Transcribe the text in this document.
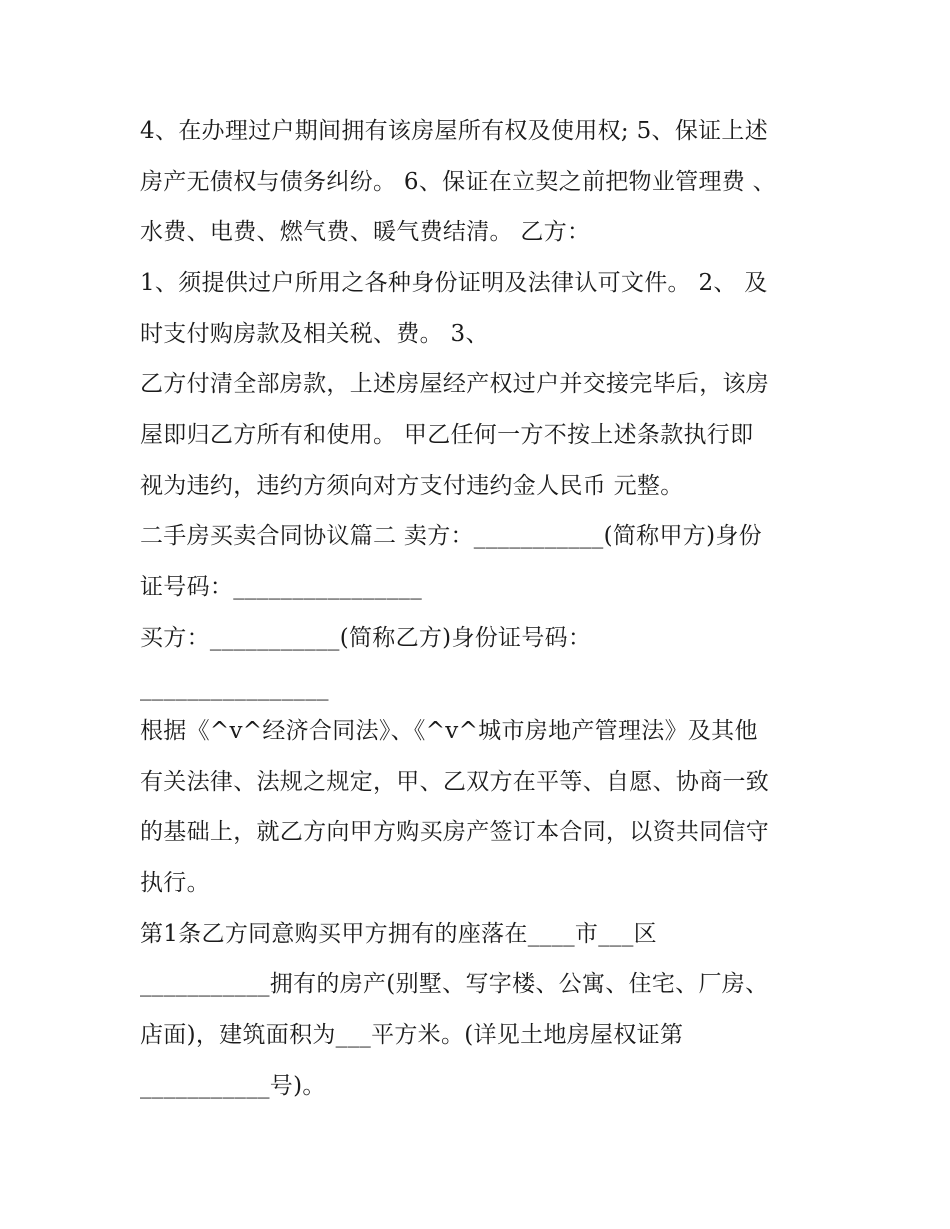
4、在办理过户期间拥有该房屋所有权及使用权; 5、保证上述
房产无债权与债务纠纷。 6、保证在立契之前把物业管理费 、
水费、电费、燃气费、暖气费结清。 乙方：
1、须提供过户所用之各种身份证明及法律认可文件。 2、 及
时支付购房款及相关税、费。 3、
乙方付清全部房款，上述房屋经产权过户并交接完毕后，该房
屋即归乙方所有和使用。 甲乙任何一方不按上述条款执行即
视为违约，违约方须向对方支付违约金人民币 元整。
二手房买卖合同协议篇二 卖方：___________(简称甲方)身份
证号码：________________
买方：___________(简称乙方)身份证号码：
________________
根据《^v^经济合同法》、《^v^城市房地产管理法》及其他
有关法律、法规之规定，甲、乙双方在平等、自愿、协商一致
的基础上，就乙方向甲方购买房产签订本合同，以资共同信守
执行。
第1条乙方同意购买甲方拥有的座落在____市___区
___________拥有的房产(别墅、写字楼、公寓、住宅、厂房、
店面)，建筑面积为___平方米。(详见土地房屋权证第
___________号)。
